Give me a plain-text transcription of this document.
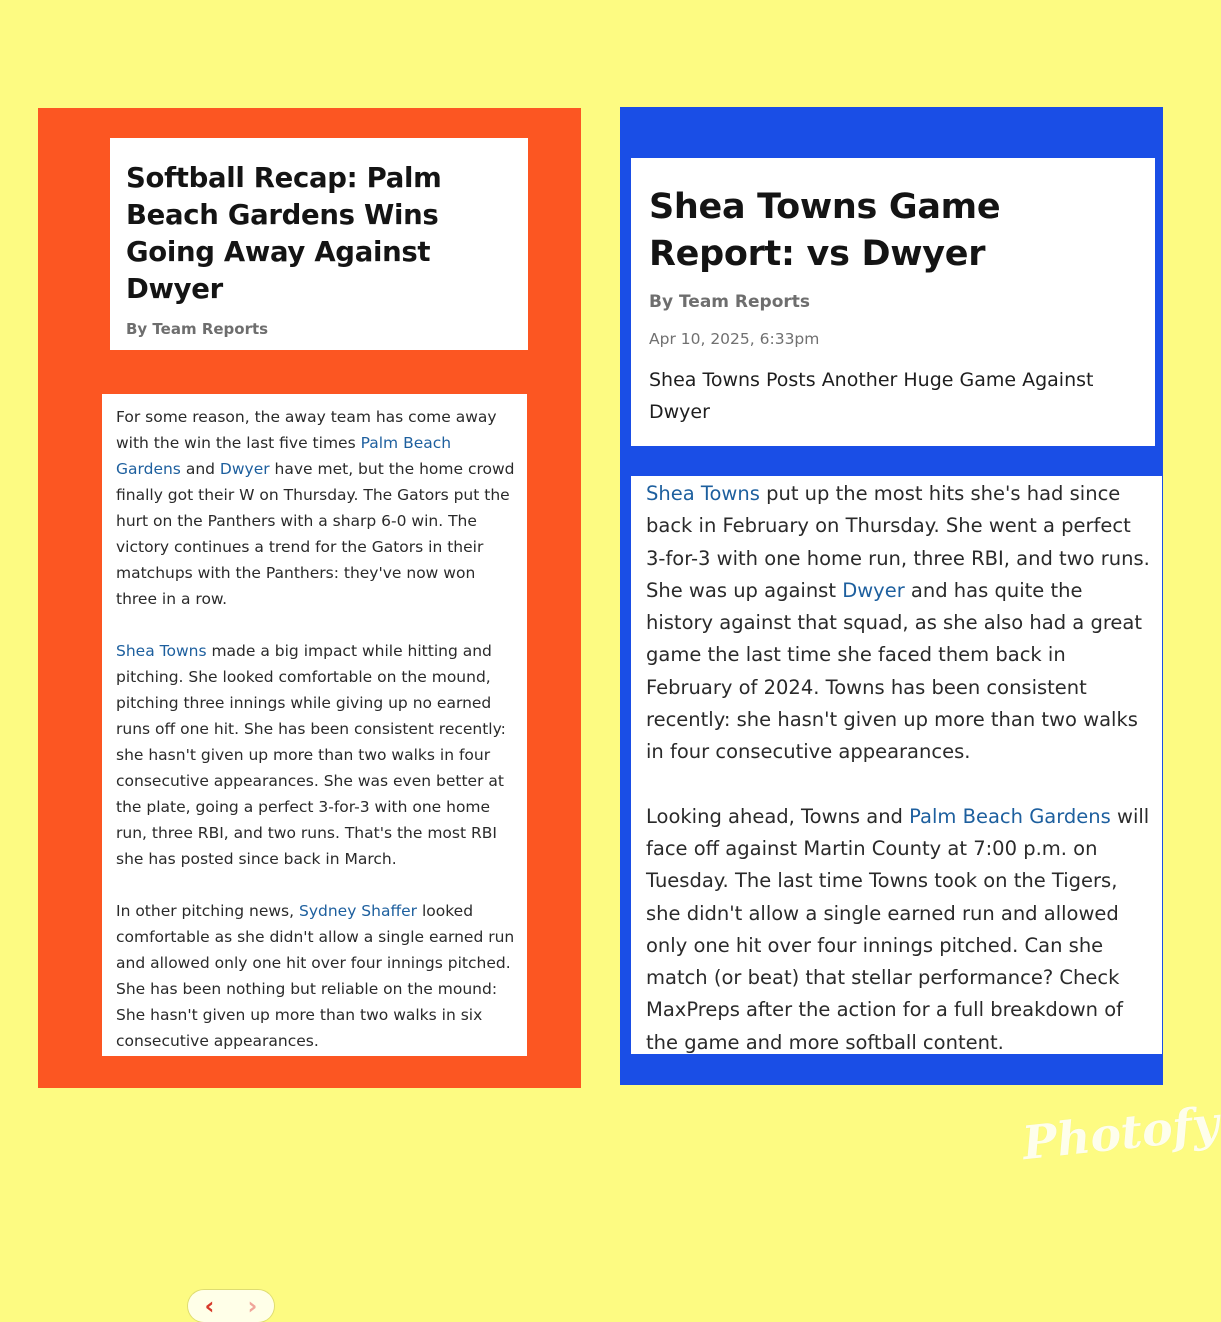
Softball Recap: Palm Beach Gardens Wins Going Away Against Dwyer

By Team Reports

For some reason, the away team has come away with the win the last five times Palm Beach Gardens and Dwyer have met, but the home crowd finally got their W on Thursday. The Gators put the hurt on the Panthers with a sharp 6-0 win. The victory continues a trend for the Gators in their matchups with the Panthers: they've now won three in a row.

Shea Towns made a big impact while hitting and pitching. She looked comfortable on the mound, pitching three innings while giving up no earned runs off one hit. She has been consistent recently: she hasn't given up more than two walks in four consecutive appearances. She was even better at the plate, going a perfect 3-for-3 with one home run, three RBI, and two runs. That's the most RBI she has posted since back in March.

In other pitching news, Sydney Shaffer looked comfortable as she didn't allow a single earned run and allowed only one hit over four innings pitched. She has been nothing but reliable on the mound: She hasn't given up more than two walks in six consecutive appearances.

‹ ›
Shea Towns Game Report: vs Dwyer

By Team Reports

Apr 10, 2025, 6:33pm

Shea Towns Posts Another Huge Game Against Dwyer

Shea Towns put up the most hits she's had since back in February on Thursday. She went a perfect 3-for-3 with one home run, three RBI, and two runs. She was up against Dwyer and has quite the history against that squad, as she also had a great game the last time she faced them back in February of 2024. Towns has been consistent recently: she hasn't given up more than two walks in four consecutive appearances.

Looking ahead, Towns and Palm Beach Gardens will face off against Martin County at 7:00 p.m. on Tuesday. The last time Towns took on the Tigers, she didn't allow a single earned run and allowed only one hit over four innings pitched. Can she match (or beat) that stellar performance? Check MaxPreps after the action for a full breakdown of the game and more softball content.

Photofy
